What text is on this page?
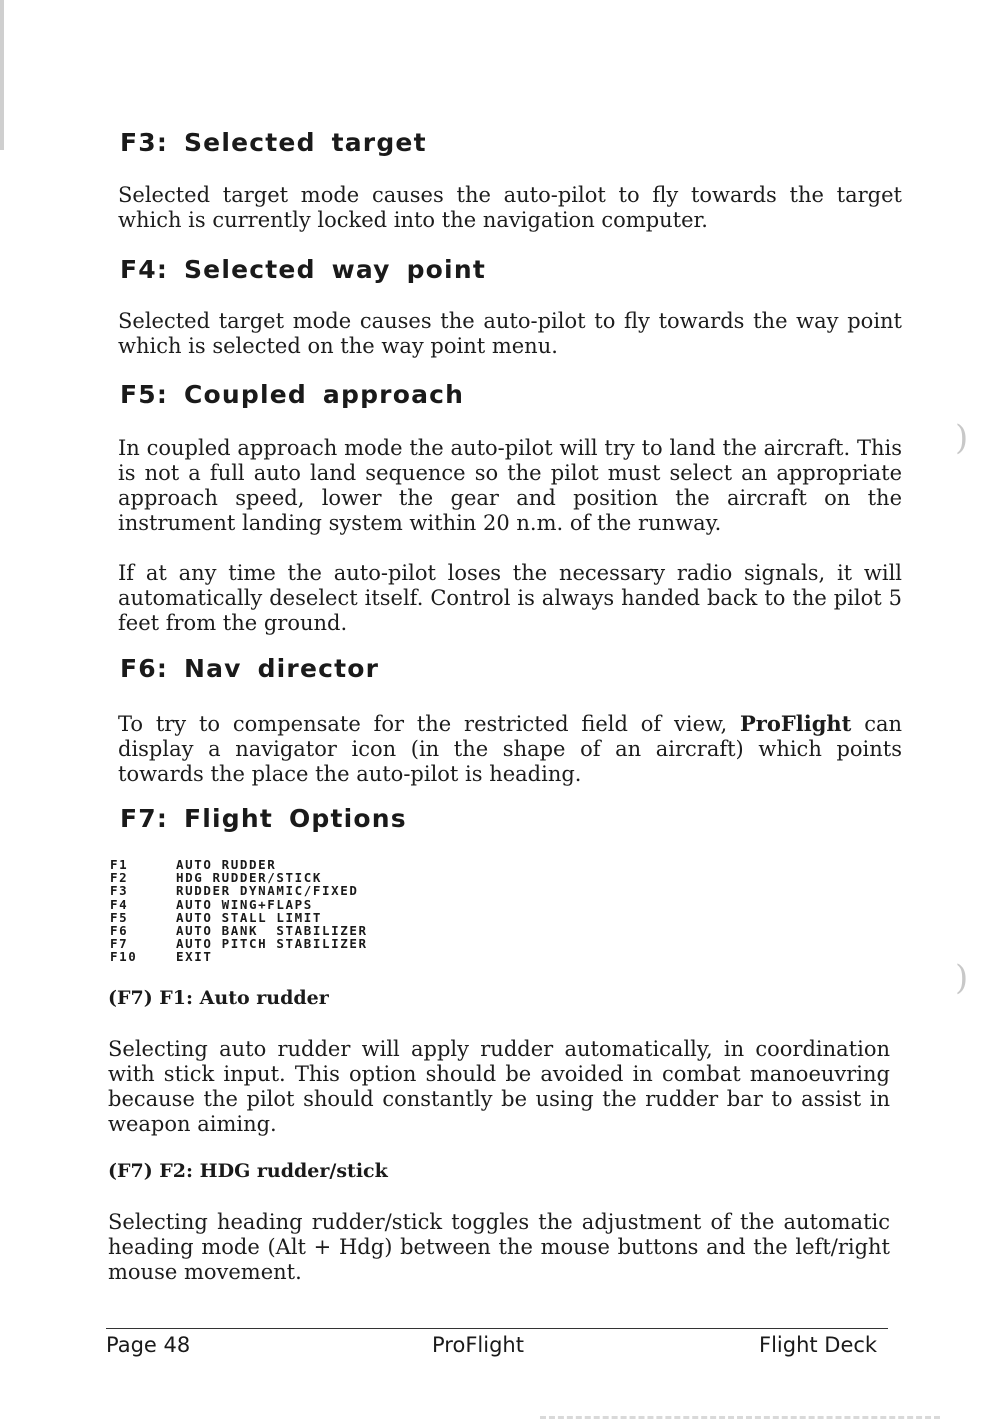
F3: Selected target

Selected target mode causes the auto-pilot to fly towards the target which is currently locked into the navigation computer.

F4: Selected way point

Selected target mode causes the auto-pilot to fly towards the way point which is selected on the way point menu.

F5: Coupled approach

In coupled approach mode the auto-pilot will try to land the aircraft. This is not a full auto land sequence so the pilot must select an appropriate approach speed, lower the gear and position the aircraft on the instrument landing system within 20 n.m. of the runway.

If at any time the auto-pilot loses the necessary radio signals, it will automatically deselect itself. Control is always handed back to the pilot 5 feet from the ground.

F6: Nav director

To try to compensate for the restricted field of view, ProFlight can display a navigator icon (in the shape of an aircraft) which points towards the place the auto-pilot is heading.

F7: Flight Options
F1	AUTO RUDDER
F2	HDG RUDDER/STICK
F3	RUDDER DYNAMIC/FIXED
F4	AUTO WING+FLAPS
F5	AUTO STALL LIMIT
F6	AUTO BANK  STABILIZER
F7	AUTO PITCH STABILIZER
F10	EXIT
(F7) F1: Auto rudder

Selecting auto rudder will apply rudder automatically, in coordination with stick input. This option should be avoided in combat manoeuvring because the pilot should constantly be using the rudder bar to assist in weapon aiming.

(F7) F2: HDG rudder/stick

Selecting heading rudder/stick toggles the adjustment of the automatic heading mode (Alt + Hdg) between the mouse buttons and the left/right mouse movement.

Page 48	ProFlight	Flight Deck
)
)
